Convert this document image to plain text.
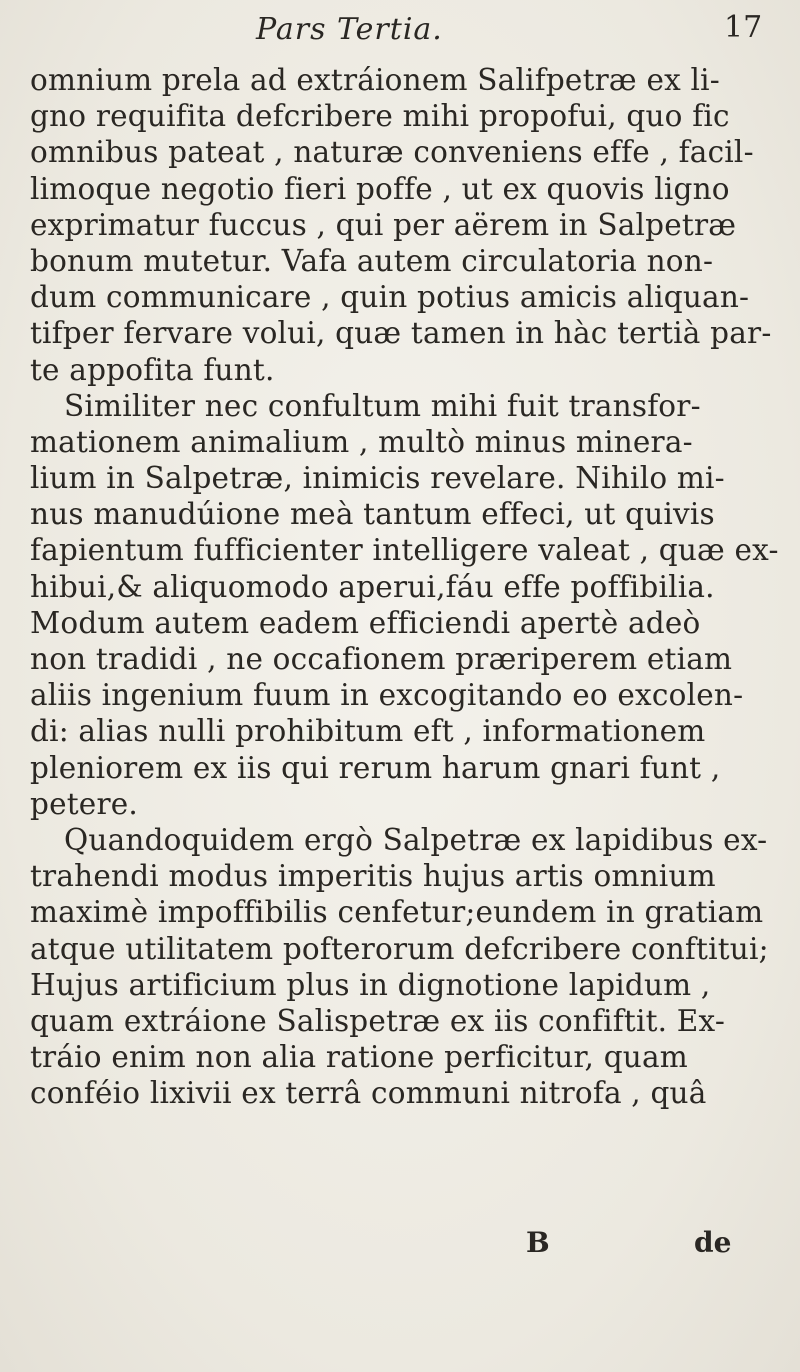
Pars Tertia.	17
omnium prela ad extráionem Salifpetræ ex li-
gno requifita defcribere mihi propofui, quo fic
omnibus pateat , naturæ conveniens effe , facil-
limoque negotio fieri poffe , ut ex quovis ligno
exprimatur fuccus , qui per aërem in Salpetræ
bonum mutetur. Vafa autem circulatoria non-
dum communicare , quin potius amicis aliquan-
tifper fervare volui, quæ tamen in hàc tertià par-
te appofita funt.
Similiter nec confultum mihi fuit transfor-
mationem animalium , multò minus minera-
lium in Salpetræ, inimicis revelare. Nihilo mi-
nus manudúione meà tantum effeci, ut quivis
fapientum fufficienter intelligere valeat , quæ ex-
hibui,& aliquomodo aperui,fáu effe poffibilia.
Modum autem eadem efficiendi apertè adeò
non tradidi , ne occafionem præriperem etiam
aliis ingenium fuum in excogitando eo excolen-
di: alias nulli prohibitum eft , informationem
pleniorem ex iis qui rerum harum gnari funt ,
petere.
Quandoquidem ergò Salpetræ ex lapidibus ex-
trahendi modus imperitis hujus artis omnium
maximè impoffibilis cenfetur;eundem in gratiam
atque utilitatem pofterorum defcribere conftitui;
Hujus artificium plus in dignotione lapidum ,
quam extráione Salispetræ ex iis confiftit. Ex-
tráio enim non alia ratione perficitur, quam
conféio lixivii ex terrâ communi nitrofa , quâ
B	de
